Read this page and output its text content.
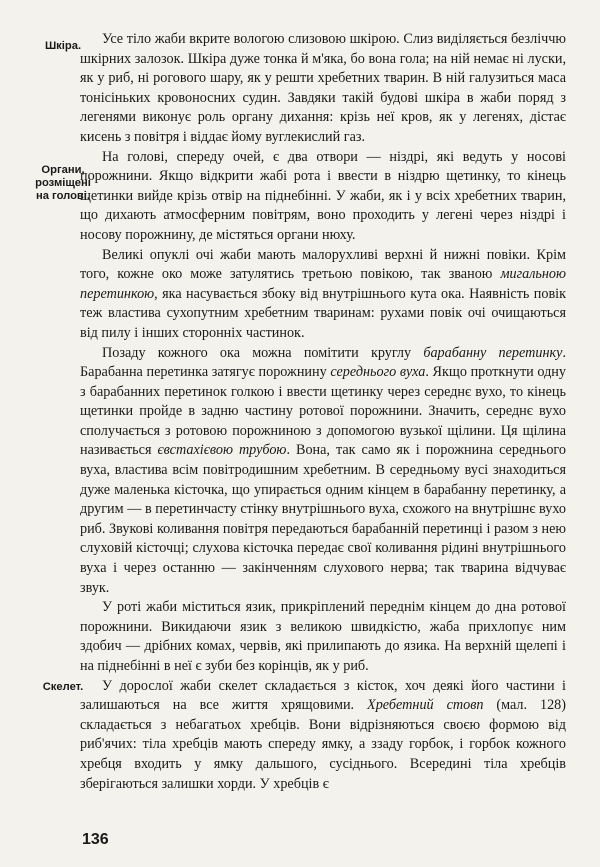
Шкіра.	Усе тіло жаби вкрите вологою слизовою шкірою. Слиз виділяється безліччю шкірних залозок. Шкіра дуже тонка й м'яка, бо вона гола; на ній немає ні луски, як у риб, ні рогового шару, як у решти хребетних тварин. В ній галузиться маса тонісіньких кровоносних судин. Завдяки такій будові шкіра в жаби поряд з легенями виконує роль органу дихання: крізь неї кров, як у легенях, дістає кисень з повітря і віддає йому вуглекислий газ.

Органи, розміщені на голові.

На голові, спереду очей, є два отвори — ніздрі, які ведуть у носові порожнини. Якщо відкрити жабі рота і ввести в ніздрю щетинку, то кінець щетинки вийде крізь отвір на піднебінні. У жаби, як і у всіх хребетних тварин, що дихають атмосферним повітрям, воно проходить у легені через ніздрі і носову порожнину, де містяться органи нюху.

Великі опуклі очі жаби мають малорухливі верхні й нижні повіки. Крім того, кожне око може затулятись третьою повікою, так званою мигальною перетинкою, яка насувається збоку від внутрішнього кута ока. Наявність повік теж властива сухопутним хребетним тваринам: рухами повік очі очищаються від пилу і інших сторонніх частинок.

Позаду кожного ока можна помітити круглу барабанну перетинку. Барабанна перетинка затягує порожнину середнього вуха. Якщо проткнути одну з барабанних перетинок голкою і ввести щетинку через середнє вухо, то кінець щетинки пройде в задню частину ротової порожнини. Значить, середнє вухо сполучається з ротовою порожниною з допомогою вузької щілини. Ця щілина називається євстахієвою трубою. Вона, так само як і порожнина середнього вуха, властива всім повітродишним хребетним. В середньому вусі знаходиться дуже маленька кісточка, що упирається одним кінцем в барабанну перетинку, а другим — в перетинчасту стінку внутрішнього вуха, схожого на внутрішнє вухо риб. Звукові коливання повітря передаються барабанній перетинці і разом з нею слуховій кісточці; слухова кісточка передає свої коливання рідині внутрішнього вуха і через останню — закінченням слухового нерва; так тварина відчуває звук.

У роті жаби міститься язик, прикріплений переднім кінцем до дна ротової порожнини. Викидаючи язик з великою швидкістю, жаба прихлопує ним здобич — дрібних комах, червів, які прилипають до язика. На верхній щелепі і на піднебінні в неї є зуби без корінців, як у риб.

Скелет.	У дорослої жаби скелет складається з кісток, хоч деякі його частини і залишаються на все життя хрящовими. Хребетний стовп (мал. 128) складається з небагатьох хребців. Вони відрізняються своєю формою від риб'ячих: тіла хребців мають спереду ямку, а ззаду горбок, і горбок кожного хребця входить у ямку дальшого, сусіднього. Всередині тіла хребців зберігаються залишки хорди. У хребців є

136
